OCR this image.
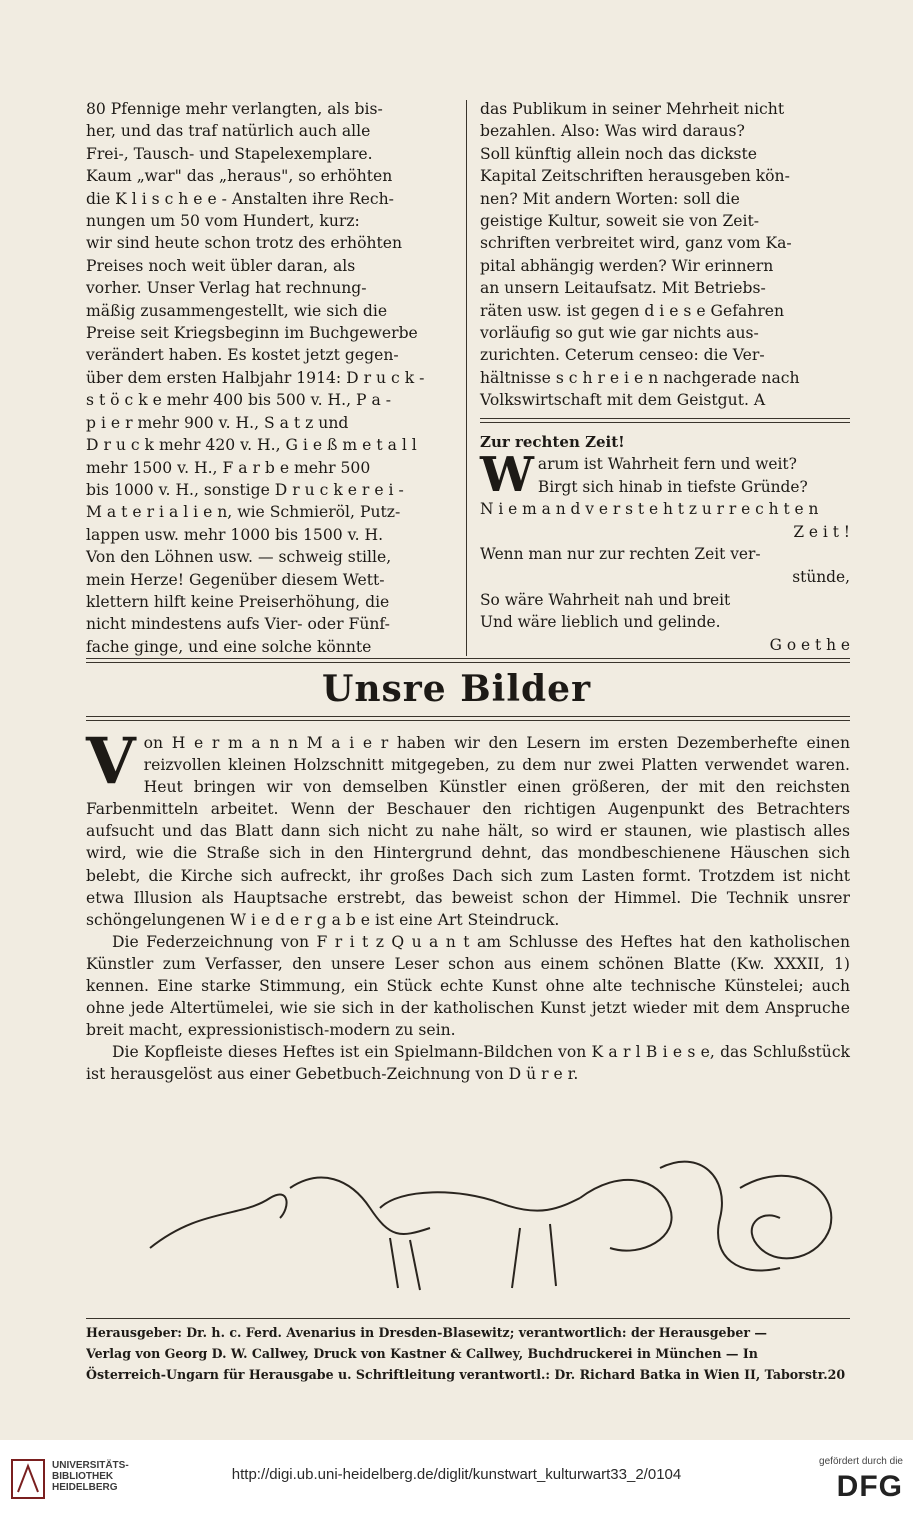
80 Pfennige mehr verlangten, als bis-

her, und das traf natürlich auch alle

Frei-, Tausch- und Stapelexemplare.

Kaum „war" das „heraus", so erhöhten

die K l i s c h e e - Anstalten ihre Rech-

nungen um 50 vom Hundert, kurz:

wir sind heute schon trotz des erhöhten

Preises noch weit übler daran, als

vorher. Unser Verlag hat rechnung-

mäßig zusammengestellt, wie sich die

Preise seit Kriegsbeginn im Buchgewerbe

verändert haben. Es kostet jetzt gegen-

über dem ersten Halbjahr 1914: D r u c k -

s t ö c k e mehr 400 bis 500 v. H., P a -

p i e r mehr 900 v. H., S a t z und

D r u c k mehr 420 v. H., G i e ß m e t a l l

mehr 1500 v. H., F a r b e mehr 500

bis 1000 v. H., sonstige D r u c k e r e i -

M a t e r i a l i e n, wie Schmieröl, Putz-

lappen usw. mehr 1000 bis 1500 v. H.

Von den Löhnen usw. — schweig stille,

mein Herze! Gegenüber diesem Wett-

klettern hilft keine Preiserhöhung, die

nicht mindestens aufs Vier- oder Fünf-

fache ginge, und eine solche könnte

das Publikum in seiner Mehrheit nicht

bezahlen. Also: Was wird daraus?

Soll künftig allein noch das dickste

Kapital Zeitschriften herausgeben kön-

nen? Mit andern Worten: soll die

geistige Kultur, soweit sie von Zeit-

schriften verbreitet wird, ganz vom Ka-

pital abhängig werden? Wir erinnern

an unsern Leitaufsatz. Mit Betriebs-

räten usw. ist gegen d i e s e Gefahren

vorläufig so gut wie gar nichts aus-

zurichten. Ceterum censeo: die Ver-

hältnisse s c h r e i e n nachgerade nach

Volkswirtschaft mit dem Geistgut. A

Zur rechten Zeit!
W arum ist Wahrheit fern und weit?
Birgt sich hinab in tiefste Gründe?
N i e m a n d v e r s t e h t z u r r e c h t e n
Z e i t !
Wenn man nur zur rechten Zeit ver-
stünde,
So wäre Wahrheit nah und breit
Und wäre lieblich und gelinde.
G o e t h e
Unsre Bilder

Von H e r m a n n M a i e r haben wir den Lesern im ersten Dezemberhefte einen reizvollen kleinen Holzschnitt mitgegeben, zu dem nur zwei Platten verwendet waren. Heut bringen wir von demselben Künstler einen größeren, der mit den reichsten Farbenmitteln arbeitet. Wenn der Beschauer den richtigen Augenpunkt des Betrachters aufsucht und das Blatt dann sich nicht zu nahe hält, so wird er staunen, wie plastisch alles wird, wie die Straße sich in den Hintergrund dehnt, das mondbeschienene Häuschen sich belebt, die Kirche sich aufreckt, ihr großes Dach sich zum Lasten formt. Trotzdem ist nicht etwa Illusion als Hauptsache erstrebt, das beweist schon der Himmel. Die Technik unsrer schöngelungenen W i e d e r g a b e ist eine Art Steindruck.

Die Federzeichnung von F r i t z Q u a n t am Schlusse des Heftes hat den katholischen Künstler zum Verfasser, den unsere Leser schon aus einem schönen Blatte (Kw. XXXII, 1) kennen. Eine starke Stimmung, ein Stück echte Kunst ohne alte technische Künstelei; auch ohne jede Altertümelei, wie sie sich in der katholischen Kunst jetzt wieder mit dem Anspruche breit macht, expressionistisch-modern zu sein.

Die Kopfleiste dieses Heftes ist ein Spielmann-Bildchen von K a r l B i e s e, das Schlußstück ist herausgelöst aus einer Gebetbuch-Zeichnung von D ü r e r.

Herausgeber: Dr. h. c. Ferd. Avenarius in Dresden-Blasewitz; verantwortlich: der Herausgeber —
Verlag von Georg D. W. Callwey, Druck von Kastner & Callwey, Buchdruckerei in München — In
Österreich-Ungarn für Herausgabe u. Schriftleitung verantwortl.: Dr. Richard Batka in Wien II, Taborstr.20
UNIVERSITÄTS-
BIBLIOTHEK
HEIDELBERG
http://digi.ub.uni-heidelberg.de/diglit/kunstwart_kulturwart33_2/0104
gefördert durch die
DFG
